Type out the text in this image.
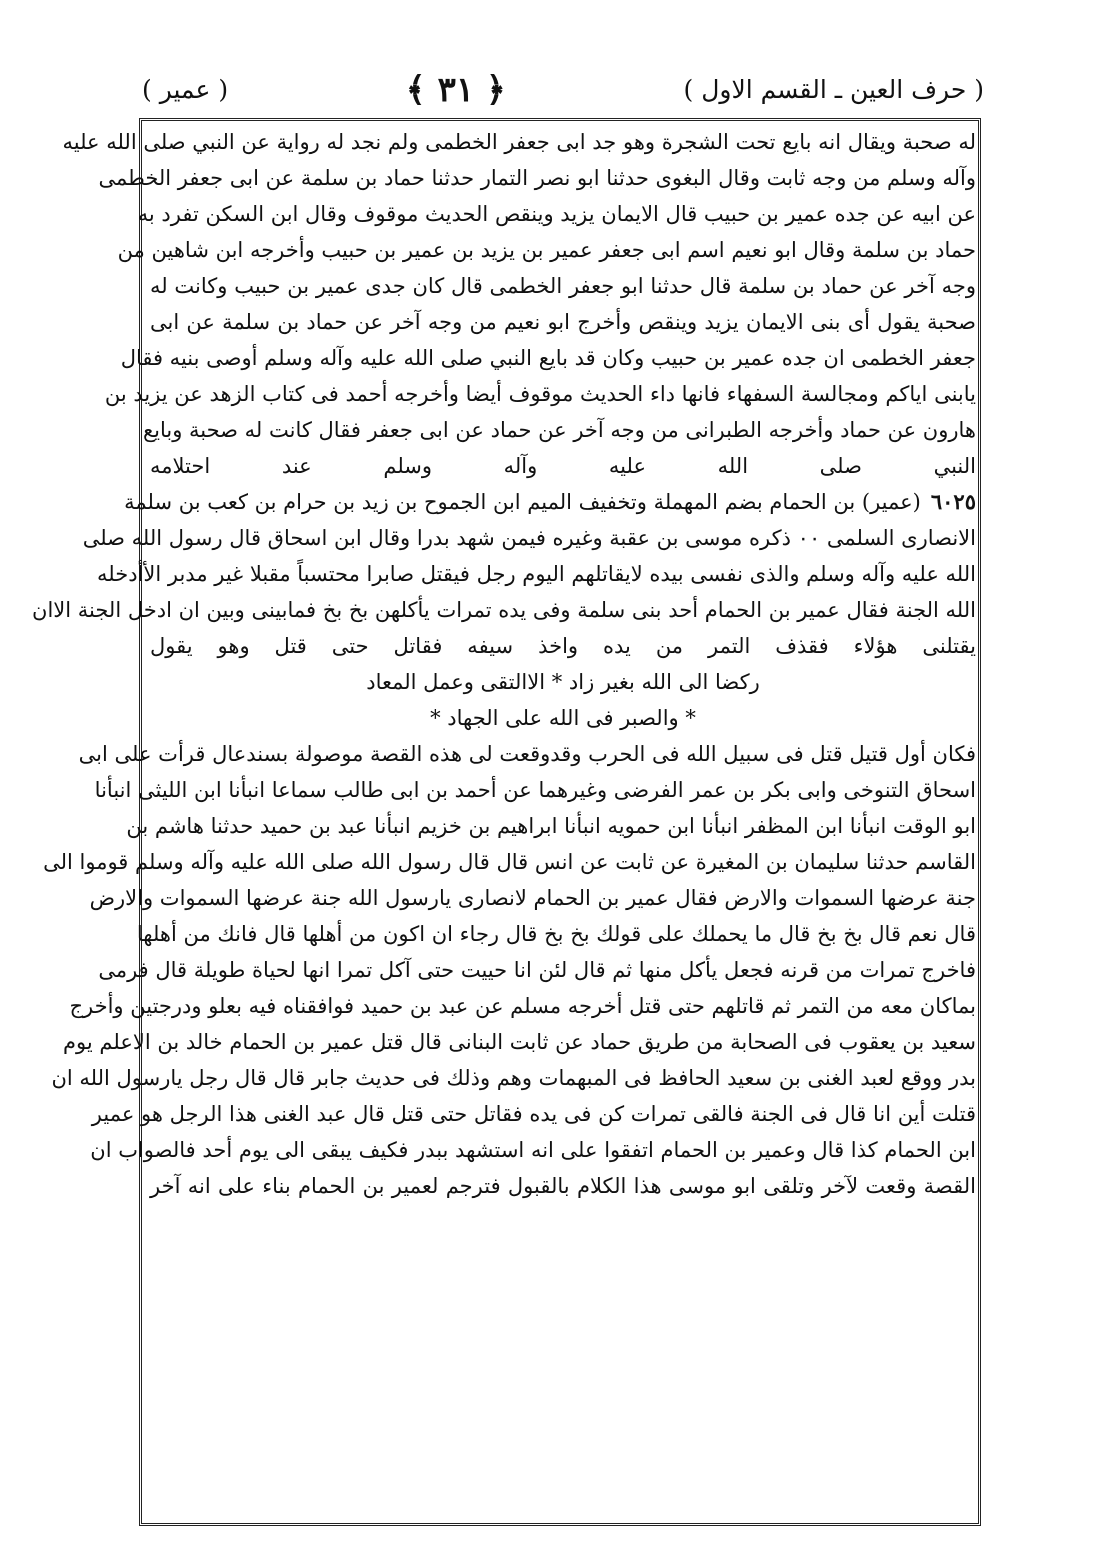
( حرف العين ـ القسم الاول )
﴿ ٣١ ﴾
( عمير )
له صحبة ويقال انه بايع تحت الشجرة وهو جد ابى جعفر الخطمى ولم نجد له رواية عن النبي صلى الله عليه
وآله وسلم من وجه ثابت وقال البغوى حدثنا ابو نصر التمار حدثنا حماد بن سلمة عن ابى جعفر الخطمى
عن ابيه عن جده عمير بن حبيب قال الايمان يزيد وينقص الحديث موقوف وقال ابن السكن تفرد به
حماد بن سلمة وقال ابو نعيم اسم ابى جعفر عمير بن يزيد بن عمير بن حبيب وأخرجه ابن شاهين من
وجه آخر عن حماد بن سلمة قال حدثنا ابو جعفر الخطمى قال كان جدى عمير بن حبيب وكانت له
صحبة يقول أى بنى الايمان يزيد وينقص وأخرج ابو نعيم من وجه آخر عن حماد بن سلمة عن ابى
جعفر الخطمى ان جده عمير بن حبيب وكان قد بايع النبي صلى الله عليه وآله وسلم أوصى بنيه فقال
يابنى اياكم ومجالسة السفهاء فانها داء الحديث موقوف أيضا وأخرجه أحمد فى كتاب الزهد عن يزيد بن
هارون عن حماد وأخرجه الطبرانى من وجه آخر عن حماد عن ابى جعفر فقال كانت له صحبة وبايع
النبي صلى الله عليه وآله وسلم عند احتلامه
٦٠٢٥(عمير) بن الحمام بضم المهملة وتخفيف الميم ابن الجموح بن زيد بن حرام بن كعب بن سلمة
الانصارى السلمى ٠٠ ذكره موسى بن عقبة وغيره فيمن شهد بدرا وقال ابن اسحاق قال رسول الله صلى
الله عليه وآله وسلم والذى نفسى بيده لايقاتلهم اليوم رجل فيقتل صابرا محتسباً مقبلا غير مدبر الأأدخله
الله الجنة فقال عمير بن الحمام أحد بنى سلمة وفى يده تمرات يأكلهن بخ بخ فمابينى وبين ان ادخل الجنة الاان
يقتلنى هؤلاء فقذف التمر من يده واخذ سيفه فقاتل حتى قتل وهو يقول
ركضا الى الله بغير زاد * الاالتقى وعمل المعاد
* والصبر فى الله على الجهاد *
فكان أول قتيل قتل فى سبيل الله فى الحرب وقدوقعت لى هذه القصة موصولة بسندعال قرأت على ابى
اسحاق التنوخى وابى بكر بن عمر الفرضى وغيرهما عن أحمد بن ابى طالب سماعا انبأنا ابن الليثى انبأنا
ابو الوقت انبأنا ابن المظفر انبأنا ابن حمويه انبأنا ابراهيم بن خزيم انبأنا عبد بن حميد حدثنا هاشم بن
القاسم حدثنا سليمان بن المغيرة عن ثابت عن انس قال قال رسول الله صلى الله عليه وآله وسلم قوموا الى
جنة عرضها السموات والارض فقال عمير بن الحمام لانصارى يارسول الله جنة عرضها السموات والارض
قال نعم قال بخ بخ قال ما يحملك على قولك بخ بخ قال رجاء ان اكون من أهلها قال فانك من أهلها
فاخرج تمرات من قرنه فجعل يأكل منها ثم قال لئن انا حييت حتى آكل تمرا انها لحياة طويلة قال فرمى
بماكان معه من التمر ثم قاتلهم حتى قتل أخرجه مسلم عن عبد بن حميد فوافقناه فيه بعلو ودرجتين وأخرج
سعيد بن يعقوب فى الصحابة من طريق حماد عن ثابت البنانى قال قتل عمير بن الحمام خالد بن الاعلم يوم
بدر ووقع لعبد الغنى بن سعيد الحافظ فى المبهمات وهم وذلك فى حديث جابر قال قال رجل يارسول الله ان
قتلت أين انا قال فى الجنة فالقى تمرات كن فى يده فقاتل حتى قتل قال عبد الغنى هذا الرجل هو عمير
ابن الحمام كذا قال وعمير بن الحمام اتفقوا على انه استشهد ببدر فكيف يبقى الى يوم أحد فالصواب ان
القصة وقعت لآخر وتلقى ابو موسى هذا الكلام بالقبول فترجم لعمير بن الحمام بناء على انه آخر
